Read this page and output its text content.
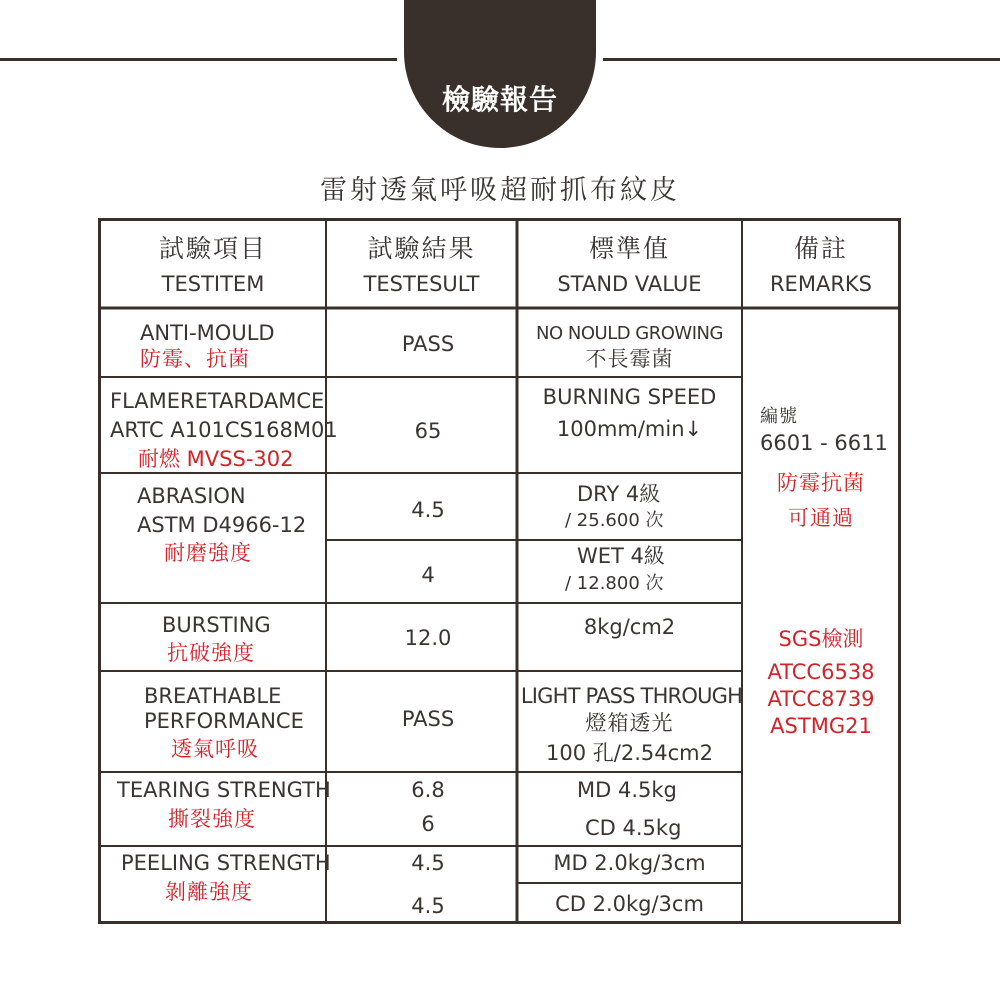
檢驗報告
雷射透氣呼吸超耐抓布紋皮
試驗項目
TESTITEM
試驗結果
TESTESULT
標準值
STAND VALUE
備註
REMARKS
ANTI-MOULD
防霉、抗菌
PASS	NO NOULD GROWING
不長霉菌
FLAMERETARDAMCE
ARTC A101CS168M01
耐燃 MVSS-302
65
BURNING SPEED
100mm/min↓
ABRASION
ASTM D4966-12
耐磨強度
4.5
4
DRY 4級
/ 25.600 次
WET 4級
/ 12.800 次
BURSTING
抗破強度
12.0	8kg/cm2
BREATHABLE
PERFORMANCE
透氣呼吸
PASS
LIGHT PASS THROUGH
燈箱透光
100 孔/2.54cm2
TEARING STRENGTH
撕裂強度
6.8
6
MD 4.5kg
CD 4.5kg
PEELING STRENGTH
剝離強度
4.5
4.5
MD 2.0kg/3cm
CD 2.0kg/3cm
編號
6601 - 6611
防霉抗菌
可通過
SGS檢測
ATCC6538
ATCC8739
ASTMG21
